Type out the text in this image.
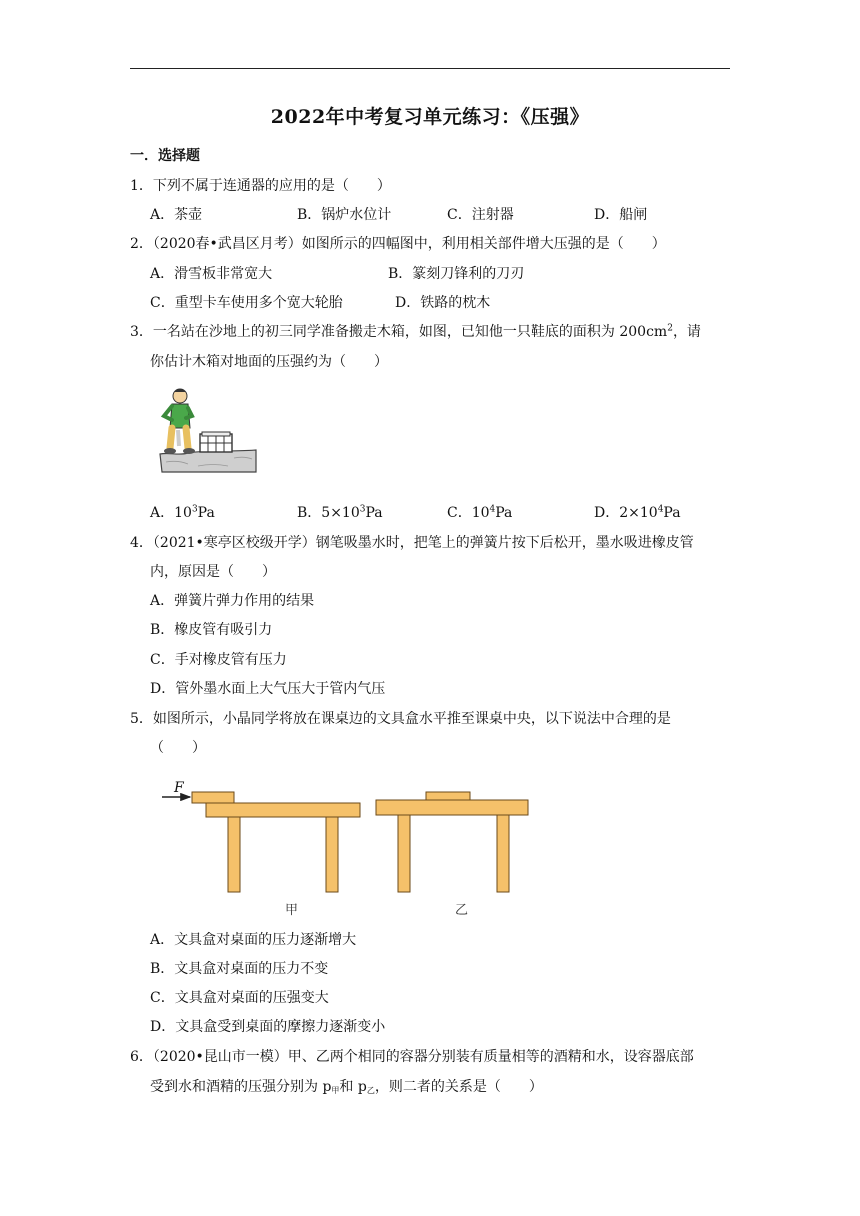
2022年中考复习单元练习：《压强》
一．选择题
1．下列不属于连通器的应用的是（　　）
A．茶壶	B．锅炉水位计	C．注射器	D．船闸
2．（2020春•武昌区月考）如图所示的四幅图中，利用相关部件增大压强的是（　　）
A．滑雪板非常宽大	B．篆刻刀锋利的刀刃
C．重型卡车使用多个宽大轮胎	D．铁路的枕木
3．一名站在沙地上的初三同学准备搬走木箱，如图，已知他一只鞋底的面积为 $200cm^2$，请
你估计木箱对地面的压强约为（　　）
A．$10^3Pa$	B．$5\times 10^3Pa$	C．$10^4Pa$	D．$2\times 10^4Pa$
4．（2021•寒亭区校级开学）钢笔吸墨水时，把笔上的弹簧片按下后松开，墨水吸进橡皮管
内，原因是（　　）
A．弹簧片弹力作用的结果
B．橡皮管有吸引力
C．手对橡皮管有压力
D．管外墨水面上大气压大于管内气压
5．如图所示，小晶同学将放在课桌边的文具盒水平推至课桌中央，以下说法中合理的是
（　　）
F
甲	乙
A．文具盒对桌面的压力逐渐增大
B．文具盒对桌面的压力不变
C．文具盒对桌面的压强变大
D．文具盒受到桌面的摩擦力逐渐变小
6．（2020•昆山市一模）甲、乙两个相同的容器分别装有质量相等的酒精和水，设容器底部
受到水和酒精的压强分别为 $p_甲$和 $p_乙$，则二者的关系是（　　）
